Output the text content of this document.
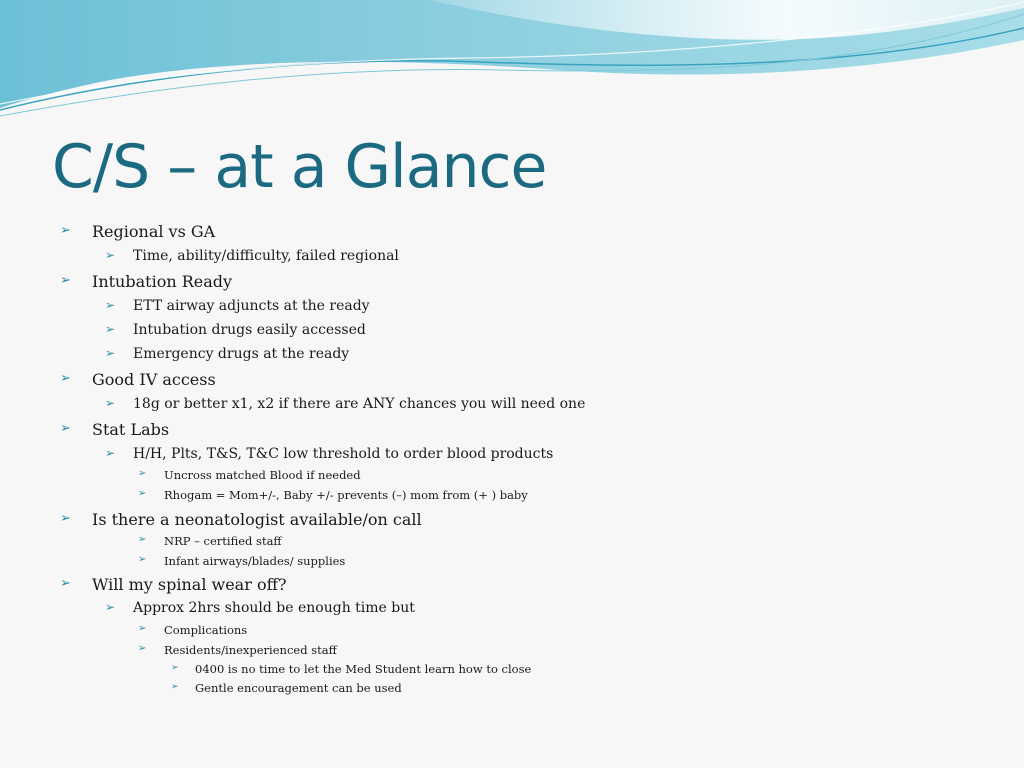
C/S – at a Glance
➢ Regional vs GA
➢ Time, ability/difficulty, failed regional
➢ Intubation Ready
➢ ETT airway adjuncts at the ready
➢ Intubation drugs easily accessed
➢ Emergency drugs at the ready
➢ Good IV access
➢ 18g or better x1, x2 if there are ANY chances you will need one
➢ Stat Labs
➢ H/H, Plts, T&S, T&C low threshold to order blood products
➢ Uncross matched Blood if needed
➢ Rhogam = Mom+/-, Baby +/- prevents (–) mom from (+ ) baby
➢ Is there a neonatologist available/on call
➢ NRP – certified staff
➢ Infant airways/blades/ supplies
➢ Will my spinal wear off?
➢ Approx 2hrs should be enough time but
➢ Complications
➢ Residents/inexperienced staff
➢ 0400 is no time to let the Med Student learn how to close
➢ Gentle encouragement can be used
